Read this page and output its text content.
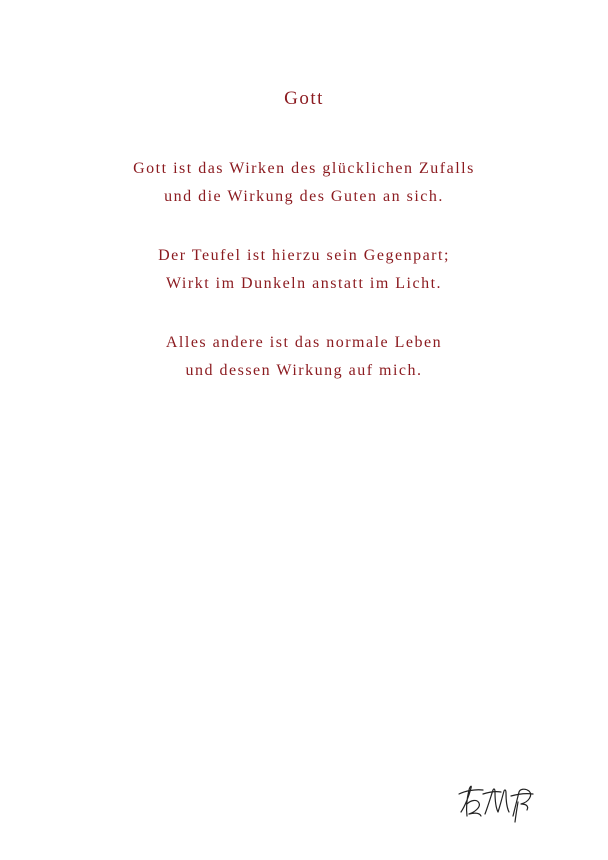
Gott

Gott ist das Wirken des glücklichen Zufalls
und die Wirkung des Guten an sich.

Der Teufel ist hierzu sein Gegenpart;
Wirkt im Dunkeln anstatt im Licht.

Alles andere ist das normale Leben
und dessen Wirkung auf mich.
